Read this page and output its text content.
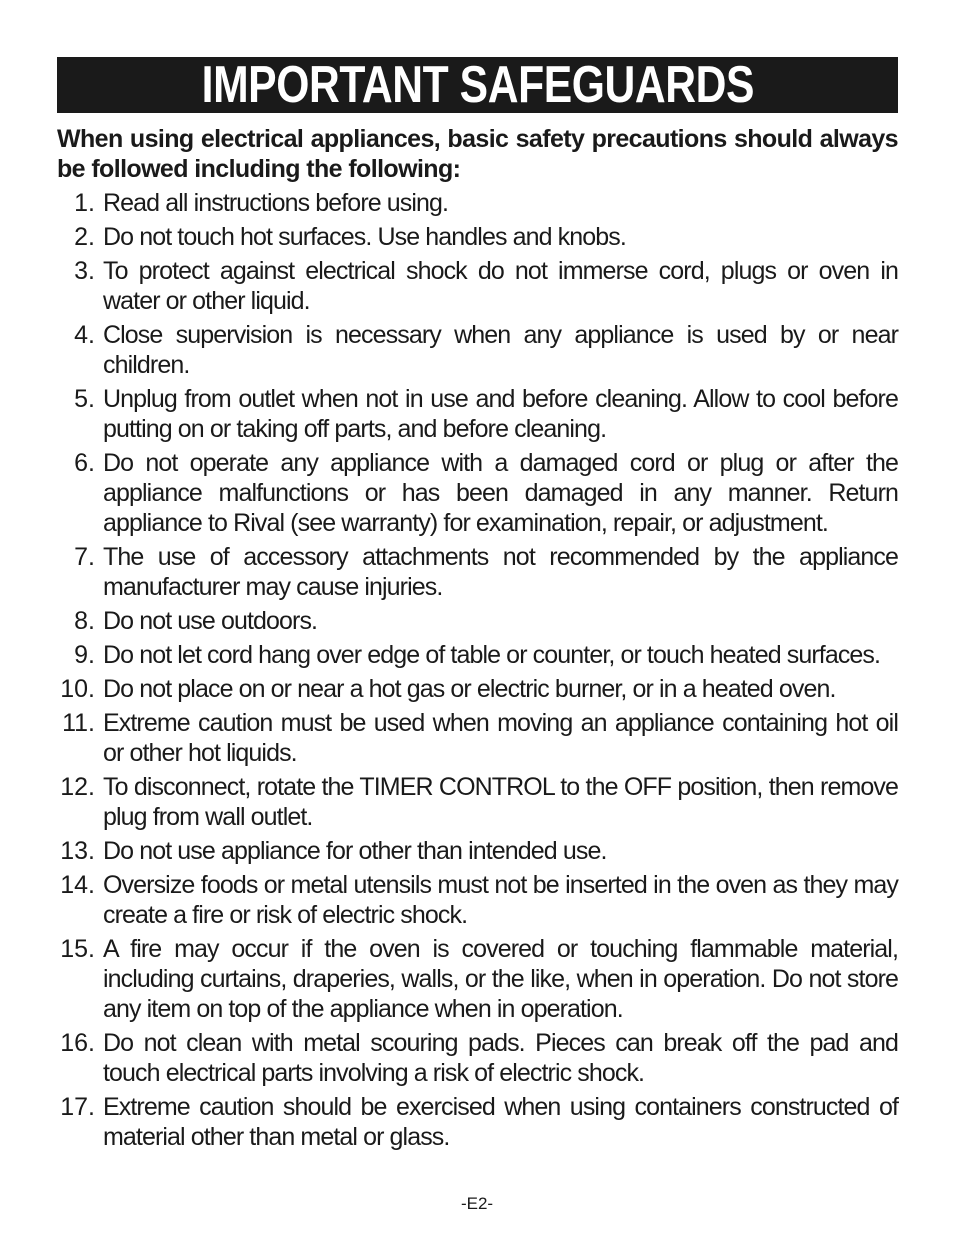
IMPORTANT SAFEGUARDS

When using electrical appliances, basic safety precautions should always be followed including the following:

1. Read all instructions before using.
2. Do not touch hot surfaces. Use handles and knobs.
3. To protect against electrical shock do not immerse cord, plugs or oven in water or other liquid.
4. Close supervision is necessary when any appliance is used by or near children.
5. Unplug from outlet when not in use and before cleaning. Allow to cool before putting on or taking off parts, and before cleaning.
6. Do not operate any appliance with a damaged cord or plug or after the appliance malfunctions or has been damaged in any manner. Return appliance to Rival (see warranty) for examination, repair, or adjustment.
7. The use of accessory attachments not recommended by the appliance manufacturer may cause injuries.
8. Do not use outdoors.
9. Do not let cord hang over edge of table or counter, or touch heated surfaces.
10. Do not place on or near a hot gas or electric burner, or in a heated oven.
11. Extreme caution must be used when moving an appliance containing hot oil or other hot liquids.
12. To disconnect, rotate the TIMER CONTROL to the OFF position, then remove plug from wall outlet.
13. Do not use appliance for other than intended use.
14. Oversize foods or metal utensils must not be inserted in the oven as they may create a fire or risk of electric shock.
15. A fire may occur if the oven is covered or touching flammable material, including curtains, draperies, walls, or the like, when in operation. Do not store any item on top of the appliance when in operation.
16. Do not clean with metal scouring pads. Pieces can break off the pad and touch electrical parts involving a risk of electric shock.
17. Extreme caution should be exercised when using containers constructed of material other than metal or glass.
-E2-
